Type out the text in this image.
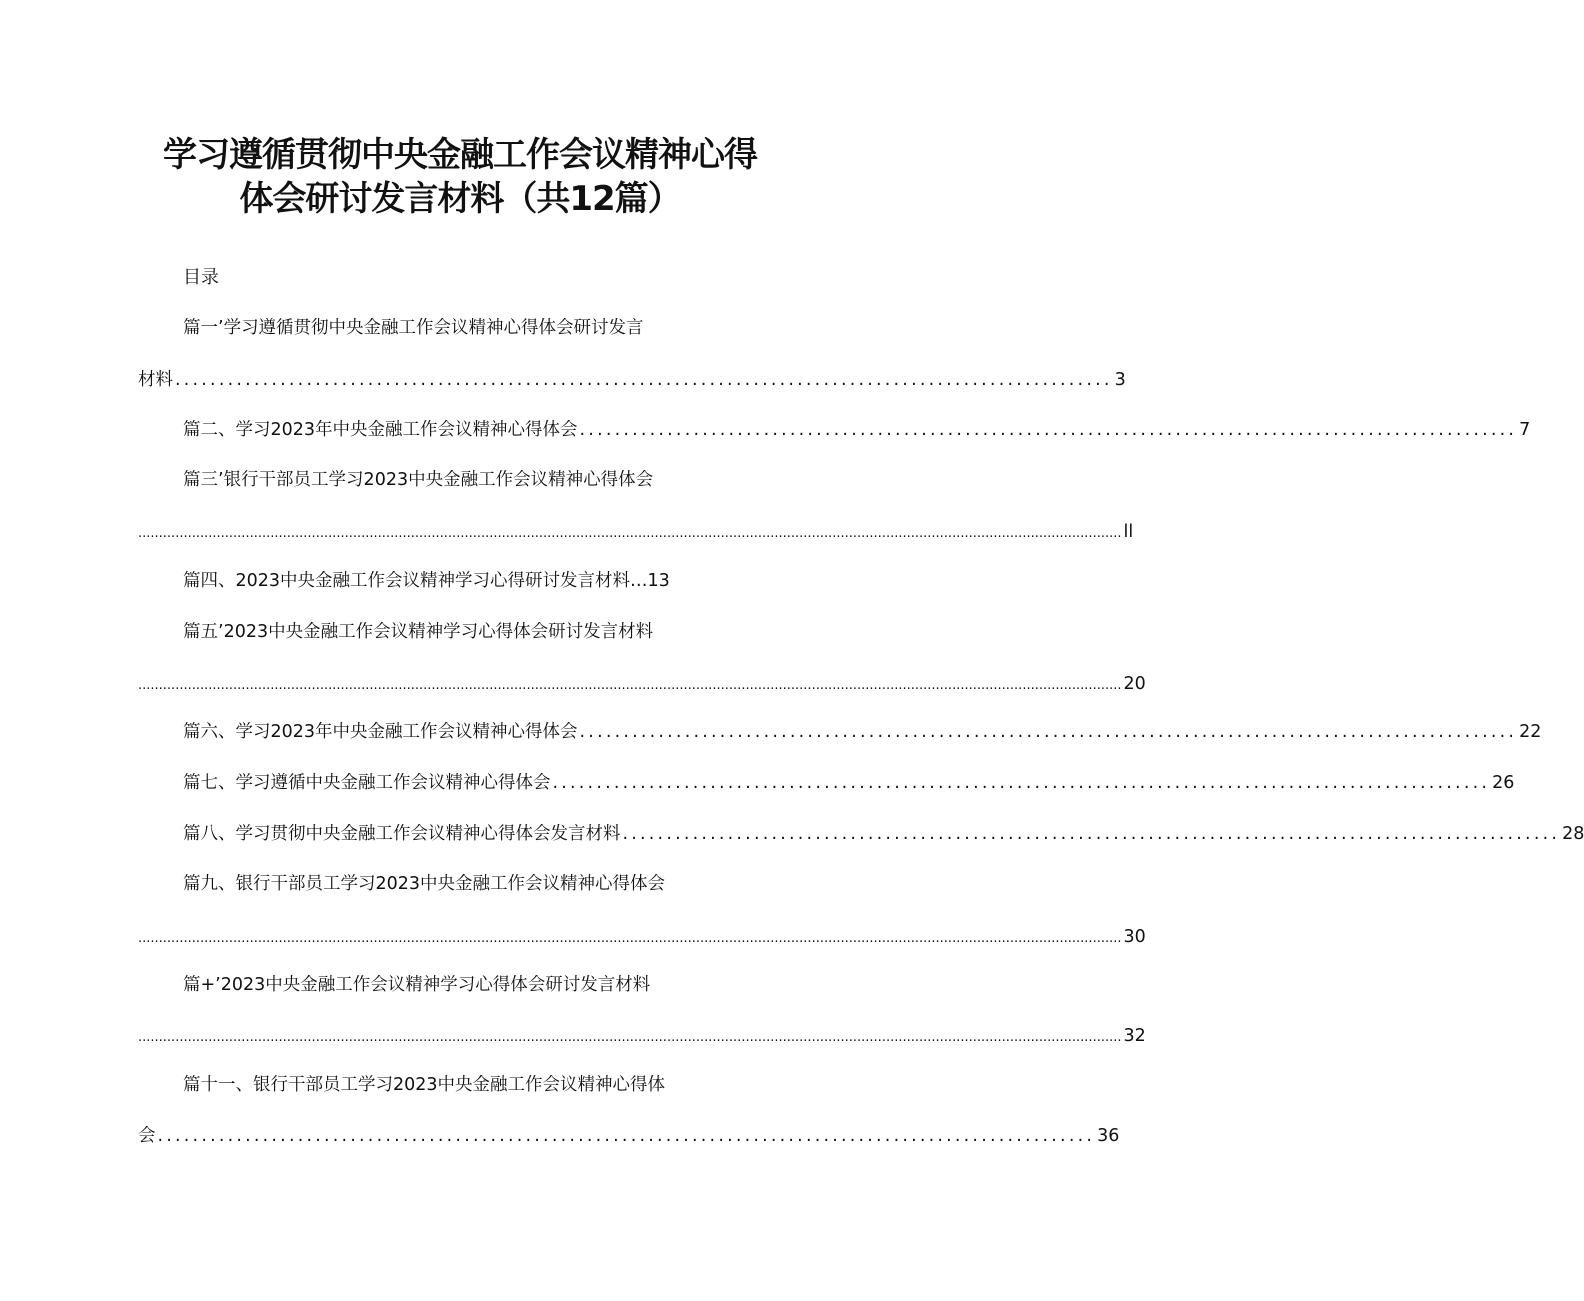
学习遵循贯彻中央金融工作会议精神心得
体会研讨发言材料（共12篇）
目录
篇一’学习遵循贯彻中央金融工作会议精神心得体会研讨发言
材料 ........................................................................................................... 3
篇二、学习2023年中央金融工作会议精神心得体会 ........................................................................................................... 7
篇三’银行干部员工学习2023中央金融工作会议精神心得体会
.............................................................................................................................................................................................................................................. ll
篇四、2023中央金融工作会议精神学习心得研讨发言材料…13
篇五’2023中央金融工作会议精神学习心得体会研讨发言材料
.............................................................................................................................................................................................................................................. 20
篇六、学习2023年中央金融工作会议精神心得体会 ........................................................................................................... 22
篇七、学习遵循中央金融工作会议精神心得体会 ........................................................................................................... 26
篇八、学习贯彻中央金融工作会议精神心得体会发言材料 ........................................................................................................... 28
篇九、银行干部员工学习2023中央金融工作会议精神心得体会
.............................................................................................................................................................................................................................................. 30
篇+’2023中央金融工作会议精神学习心得体会研讨发言材料
.............................................................................................................................................................................................................................................. 32
篇十一、银行干部员工学习2023中央金融工作会议精神心得体
会 ........................................................................................................... 36
